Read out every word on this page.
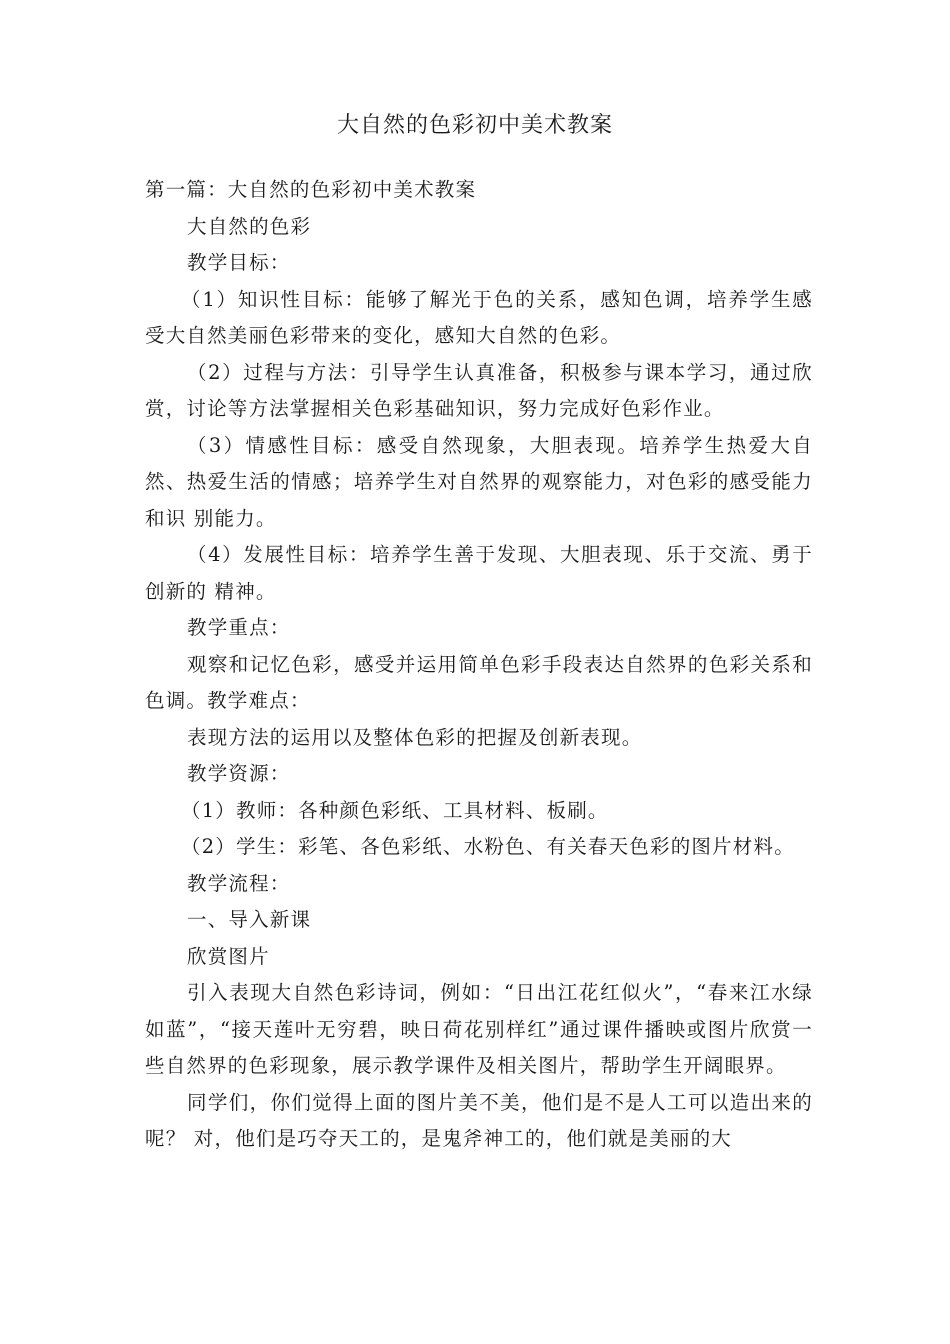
大自然的色彩初中美术教案

第一篇：大自然的色彩初中美术教案

大自然的色彩

教学目标：

（1）知识性目标：能够了解光于色的关系，感知色调，培养学生感受大自然美丽色彩带来的变化，感知大自然的色彩。

（2）过程与方法：引导学生认真准备，积极参与课本学习，通过欣赏，讨论等方法掌握相关色彩基础知识，努力完成好色彩作业。

（3）情感性目标：感受自然现象，大胆表现。培养学生热爱大自然、热爱生活的情感；培养学生对自然界的观察能力，对色彩的感受能力和识 别能力。

（4）发展性目标：培养学生善于发现、大胆表现、乐于交流、勇于创新的 精神。

教学重点：

观察和记忆色彩，感受并运用简单色彩手段表达自然界的色彩关系和色调。教学难点：

表现方法的运用以及整体色彩的把握及创新表现。

教学资源：

（1）教师：各种颜色彩纸、工具材料、板刷。

（2）学生：彩笔、各色彩纸、水粉色、有关春天色彩的图片材料。

教学流程：

一、导入新课

欣赏图片

引入表现大自然色彩诗词，例如：“日出江花红似火”，“春来江水绿如蓝”，“接天莲叶无穷碧，映日荷花别样红”通过课件播映或图片欣赏一些自然界的色彩现象，展示教学课件及相关图片，帮助学生开阔眼界。

同学们，你们觉得上面的图片美不美，他们是不是人工可以造出来的呢？ 对，他们是巧夺天工的，是鬼斧神工的，他们就是美丽的大
